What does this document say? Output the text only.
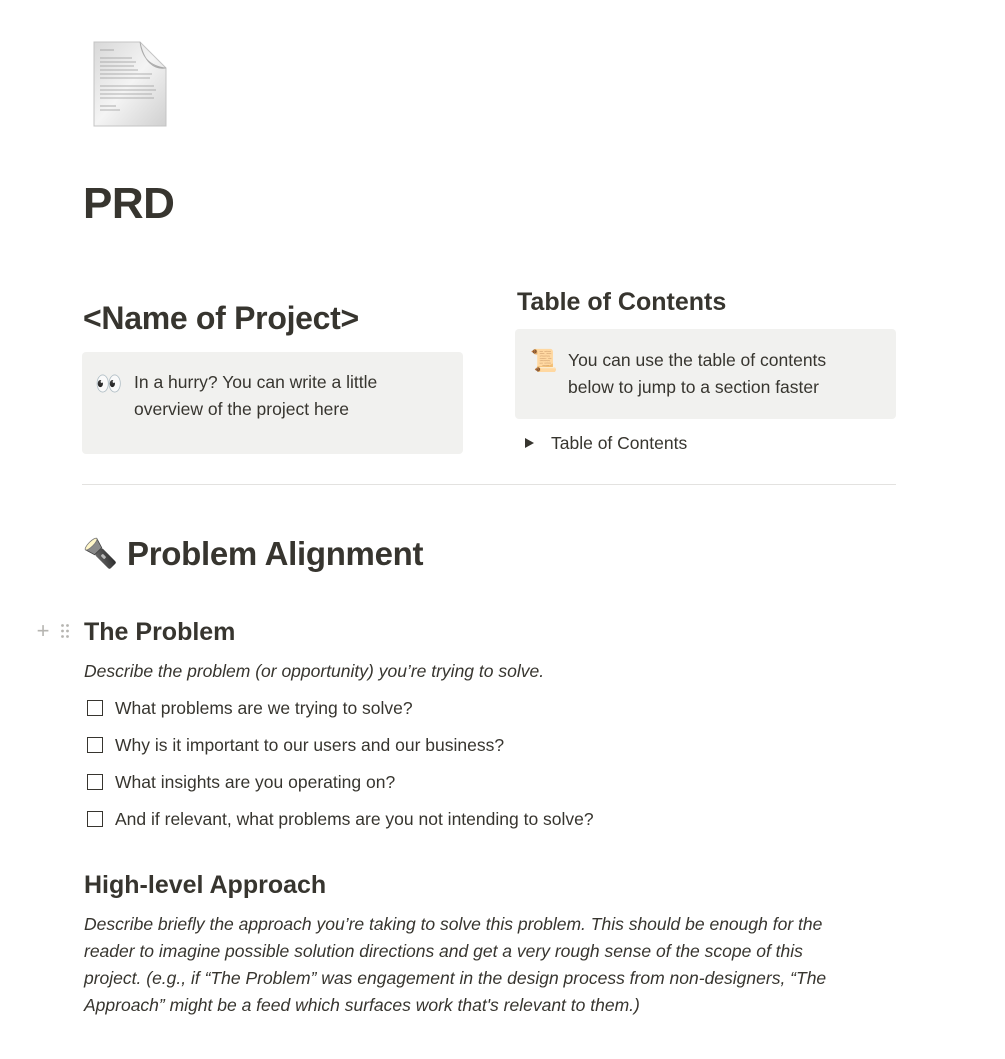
PRD
<Name of Project>
👀 In a hurry? You can write a little
overview of the project here
Table of Contents
📜 You can use the table of contents
below to jump to a section faster
Table of Contents
Problem Alignment
+ The Problem
Describe the problem (or opportunity) you’re trying to solve.
What problems are we trying to solve?
Why is it important to our users and our business?
What insights are you operating on?
And if relevant, what problems are you not intending to solve?
High-level Approach
Describe briefly the approach you’re taking to solve this problem. This should be enough for the
reader to imagine possible solution directions and get a very rough sense of the scope of this
project. (e.g., if “The Problem” was engagement in the design process from non-designers, “The
Approach” might be a feed which surfaces work that's relevant to them.)
